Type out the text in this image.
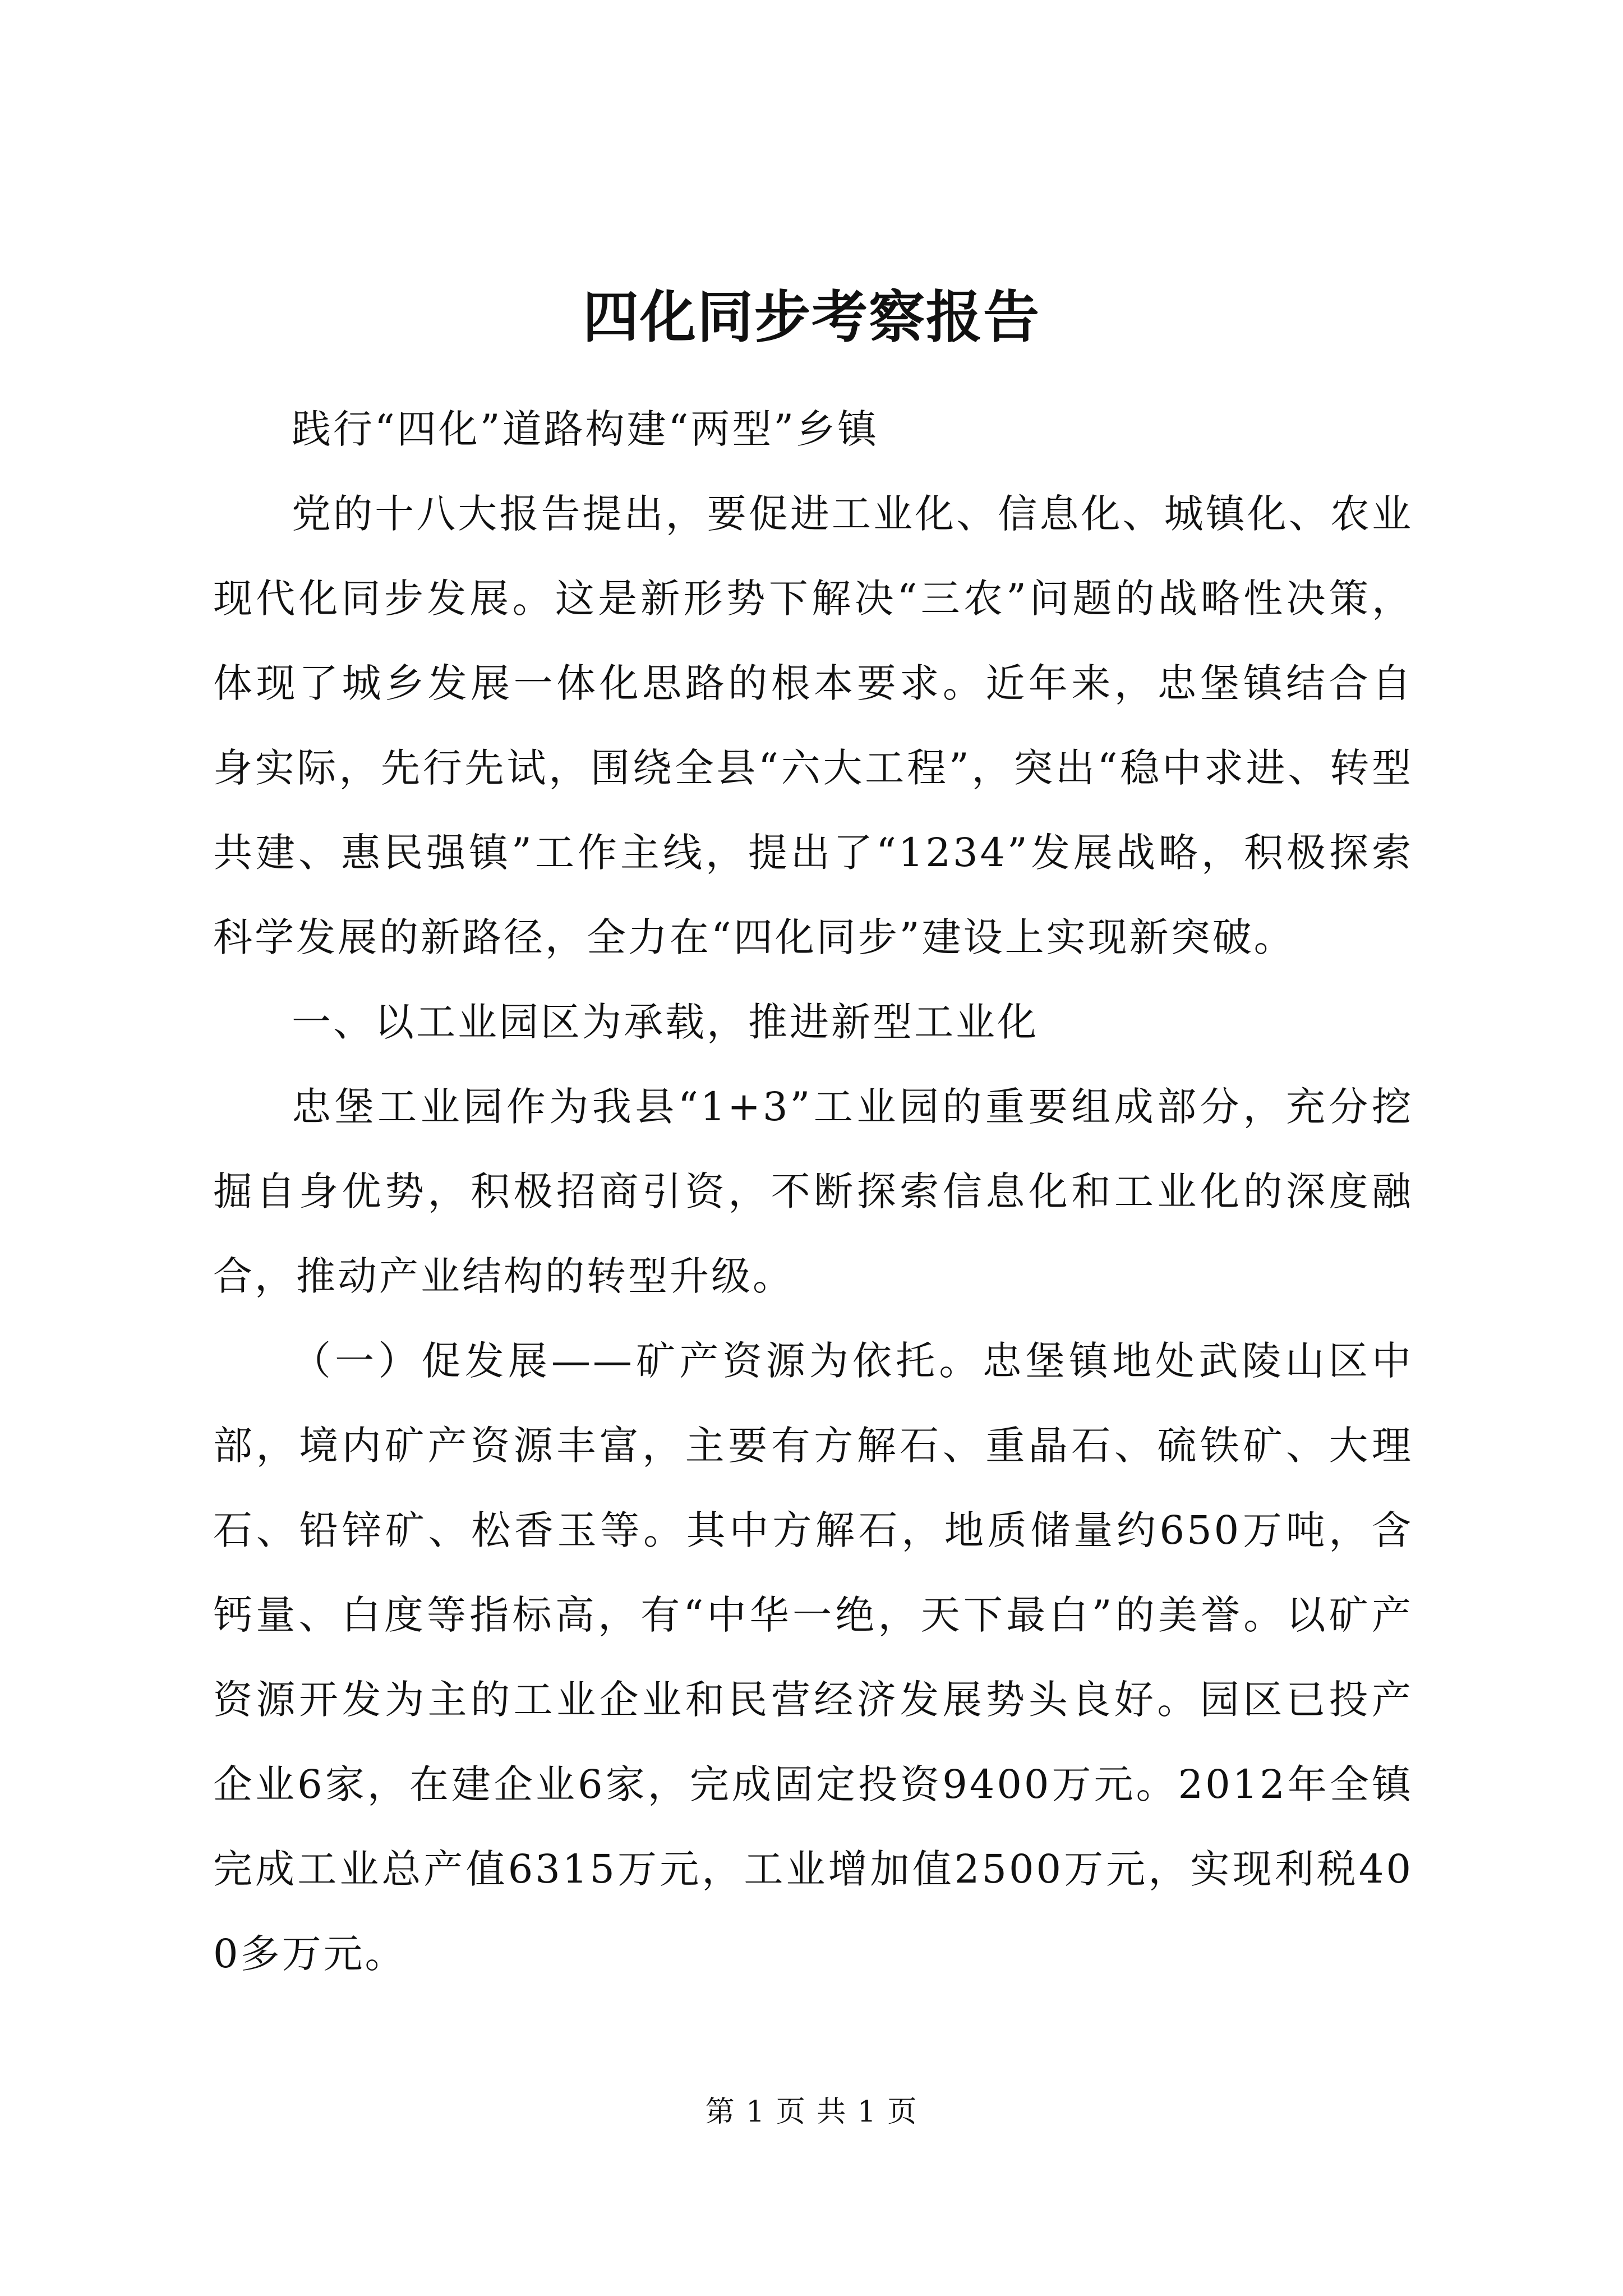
四化同步考察报告

践行“四化”道路构建“两型”乡镇

党的十八大报告提出，要促进工业化、信息化、城镇化、农业现代化同步发展。这是新形势下解决“三农”问题的战略性决策，体现了城乡发展一体化思路的根本要求。近年来，忠堡镇结合自身实际，先行先试，围绕全县“六大工程”，突出“稳中求进、转型共建、惠民强镇”工作主线，提出了“1234”发展战略，积极探索科学发展的新路径，全力在“四化同步”建设上实现新突破。

一、以工业园区为承载，推进新型工业化

忠堡工业园作为我县“1+3”工业园的重要组成部分，充分挖掘自身优势，积极招商引资，不断探索信息化和工业化的深度融合，推动产业结构的转型升级。

（一）促发展——矿产资源为依托。忠堡镇地处武陵山区中部，境内矿产资源丰富，主要有方解石、重晶石、硫铁矿、大理石、铅锌矿、松香玉等。其中方解石，地质储量约650万吨，含钙量、白度等指标高，有“中华一绝，天下最白”的美誉。以矿产资源开发为主的工业企业和民营经济发展势头良好。园区已投产企业6家，在建企业6家，完成固定投资9400万元。2012年全镇完成工业总产值6315万元，工业增加值2500万元，实现利税400多万元。

第 1 页 共 1 页
